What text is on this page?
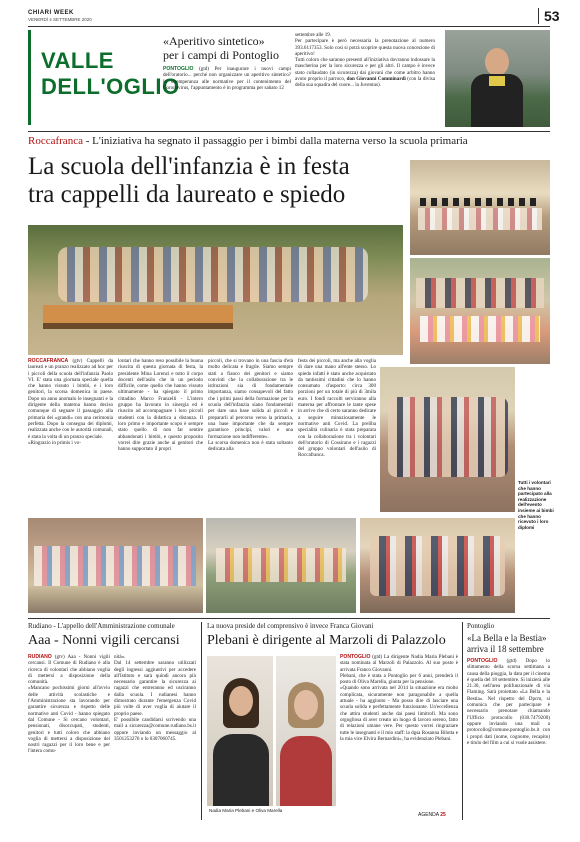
CHIARI WEEK
VENERDÌ 4 SETTEMBRE 2020	53
VALLE
DELL'OGLIO
«Aperitivo sintetico»
per i campi di Pontoglio
PONTOGLIO (gtd) Per inaugurare i nuovi campi dell'oratorio... perché non organizzare un aperitivo sintetico? In ottemperanza alle normative per il contenimento del Coronavirus, l'appuntamento è in programma per sabato 12
settembre alle 19.
Per partecipare è però necessaria la prenotazione al numero 393.6117353. Solo così si potrà scoprire questa nuova concezione di aperitivo!
Tutti coloro che saranno presenti all'iniziativa dovranno indossare la mascherina per la loro sicurezza e per gli altri. Il campo è invece stato collaudato (in sicurezza) dai giovani che come arbitro hanno avuto proprio il parroco, don Giovanni Comminardi (con la divisa della sua squadra del cuore... la Juventus).
Roccafranca - L'iniziativa ha segnato il passaggio per i bimbi dalla materna verso la scuola primaria
La scuola dell'infanzia è in festa
tra cappelli da laureato e spiedo
Tutti i volontari che hanno partecipato alla realizzazione dell'evento insieme ai bimbi che hanno ricevuto i loro diplomi
ROCCAFRANCA (gtv) Cappelli da laureati e un pranzo realizzato ad hoc per i piccoli della scuola dell'infanzia Paolo VI. E' stata una giornata speciale quella che hanno vissuto i bimbi, e i loro genitori, la scorsa domenica in paese. Dopo un anno anomalo le insegnanti e la dirigente della materna hanno deciso comunque di segnare il passaggio alla primaria dei «grandi» con una cerimonia perfetta. Dopo la consegna dei diplomi, realizzata anche con le autorità comunali, è stata la volta di un pranzo speciale.
«Ringrazio in primis i vo-
lontari che hanno reso possibile la buona riuscita di questa giornata di festa, la presidente Mina Lorenzi e tutto il corpo docenti dell'asilo che in un periodo difficile, come quello che hanno vissuto ultimamente - ha spiegato il primo cittadino Marco Franzelli - L'intero gruppo ha lavorato in sinergia ed è riuscito ad accompagnare i loro piccoli studenti con la didattica a distanza. Il loro primo e importante scopo è sempre stato quello di non far sentire abbandonati i bimbi, e questo proposito vorrei dire grazie anche ai genitori che hanno supportato il propri
piccoli, che si trovano in una fascia d'età molto delicata e fragile. Siamo sempre stati a fianco dei genitori e siamo convinti che la collaborazione tra le istituzioni sia di fondamentale importanza, siamo consapevoli del fatto che i primi passi della formazione per la scuola dell'infanzia siano fondamentali per dare una base solida ai piccoli e prepararli al percorso verso la primaria, una base importante che da sempre garantisce principi, valori e una formazione non indifferente».
La scorsa domenica non è stata soltanto dedicata alla
festa dei piccoli, ma anche alla voglia di dare una mano all'ente stesso. Lo spiedo infatti è stato anche acquistato da tantissimi cittadini che lo hanno consumato d'asporto: circa 300 porzioni per un totale di più di 3mila euro. I fondi raccolti serviranno alla materna per affrontare le tante spese in arrivo che di certo saranno dedicate a seguire minuziosamente le normative anti Covid. La preliba specialità culinaria è stata preparata con la collaborazione tra i volontari dell'oratorio di Cossirano e i ragazzi del gruppo volontari dell'asilo di Roccafranca.
Rudiano - L'appello dell'Amministrazione comunale
Aaa - Nonni vigili cercansi
RUDIANO (gtv) Aaa - Nonni vigili cercansi. Il Comune di Rudiano è alla ricerca di volontari che abbiano voglia di mettersi a disposizione della comunità.
«Mancano pochissimi giorni all'avvio delle attività scolastiche e l'Amministrazione sta lavorando per garantire sicurezza e rispetto delle normative anti Covid - hanno spiegato dal Comune - Si cercano volontari, pensionati, disoccupati, studenti, genitori e tutti coloro che abbiano voglia di mettersi a disposizione dei nostri ragazzi per il loro bene e per l'intera comu-
nità».
Dal 14 settembre saranno utilizzati degli ingressi aggiuntivi per accedere all'Istituto e sarà quindi ancora più necessario garantire la sicurezza ai ragazzi che entreranno ed usciranno dalla scuola. I rudianesi hanno dimostrato durante l'emergenza Covid più volte di aver voglia di aiutare il proprio paese.
E' possibile candidarsi scrivendo una mail a sicurezza@comune.rudiano.bs.it oppure inviando un messaggio al 3501253276 o lo 0307060745.
La nuova preside del comprensivo è invece Franca Giovani
Plebani è dirigente al Marzoli di Palazzolo
Nadia Maria Plebani e Oliva Marella
PONTOGLIO (gtd) La dirigente Nadia Maria Plebani è stata nominata al Marzoli di Palazzolo. Al suo posto è arrivata Franco Giovanni.
Plebani, che è stata a Pontoglio per 6 anni, prenderà il posto di Oliva Marella, giunta per la pensione.
«Quando sono arrivata nel 2014 la situazione era molto complicata, sicuramente non paragonabile a quella attuale - ha aggiunto - Ma posso dire di lasciare una scuola solida e perfettamente funzionante. Un'eccellenza che attira studenti anche dai paesi limitrofi. Ma sono orgogliosa di aver creato un luogo di lavoro sereno, fatto di relazioni umane vere. Per questo vorrei ringraziare tutte le insegnanti e il mio staff: la dgsa Rosanna Bilotta e la mia vice Elvira Bernardini», ha evidenziato Plebani.
AGENDA 25
Pontoglio
«La Bella e la Bestia»
arriva il 18 settembre
PONTOGLIO (gtd) Dopo lo slittamento della scorsa settimana a causa della pioggia, la data per il cinema è quella del 18 settembre. Si inizierà alle 21.30, nell'area polifunzionale di via Flaming. Sarà proiettato «La Bella e la Bestia». Nel rispetto del Dpcm, si comunica che per partecipare è necessario prenotare chiamando l'Ufficio protocollo (030.7479200) oppure inviando una mail a protocollo@comune.pontoglio.bs.it con i propri dati (nome, cognome, recapito) e titolo del film a cui si vuole assistere.
